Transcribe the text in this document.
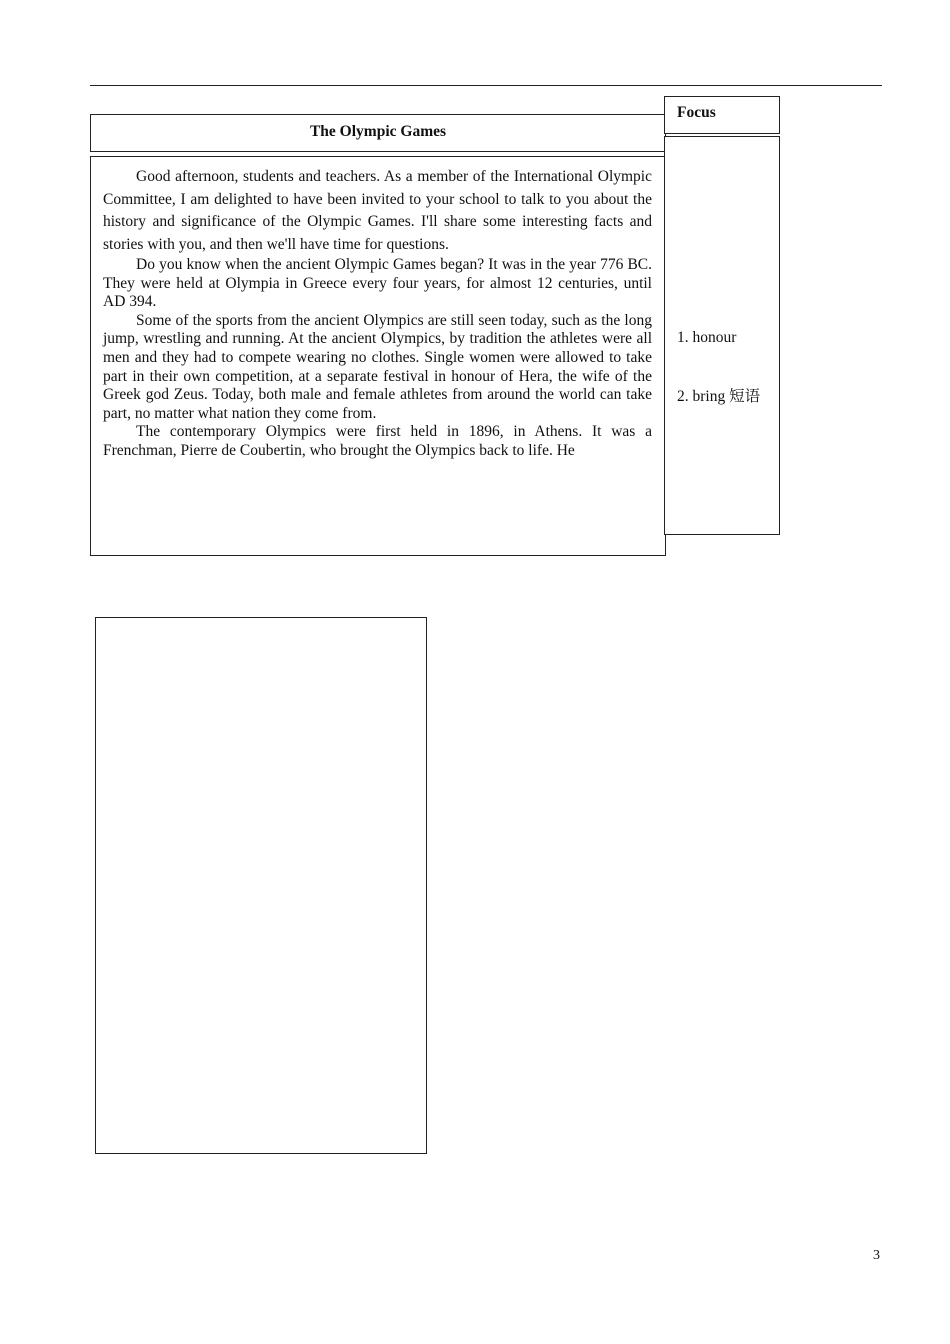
The Olympic Games

Good afternoon, students and teachers. As a member of the International Olympic Committee, I am delighted to have been invited to your school to talk to you about the history and significance of the Olympic Games. I'll share some interesting facts and stories with you, and then we'll have time for questions.

Do you know when the ancient Olympic Games began? It was in the year 776 BC. They were held at Olympia in Greece every four years, for almost 12 centuries, until AD 394.

Some of the sports from the ancient Olympics are still seen today, such as the long jump, wrestling and running. At the ancient Olympics, by tradition the athletes were all men and they had to compete wearing no clothes. Single women were allowed to take part in their own competition, at a separate festival in honour of Hera, the wife of the Greek god Zeus. Today, both male and female athletes from around the world can take part, no matter what nation they come from.

The contemporary Olympics were first held in 1896, in Athens. It was a Frenchman, Pierre de Coubertin, who brought the Olympics back to life. He

Focus
1. honour
2. bring 短语
3
